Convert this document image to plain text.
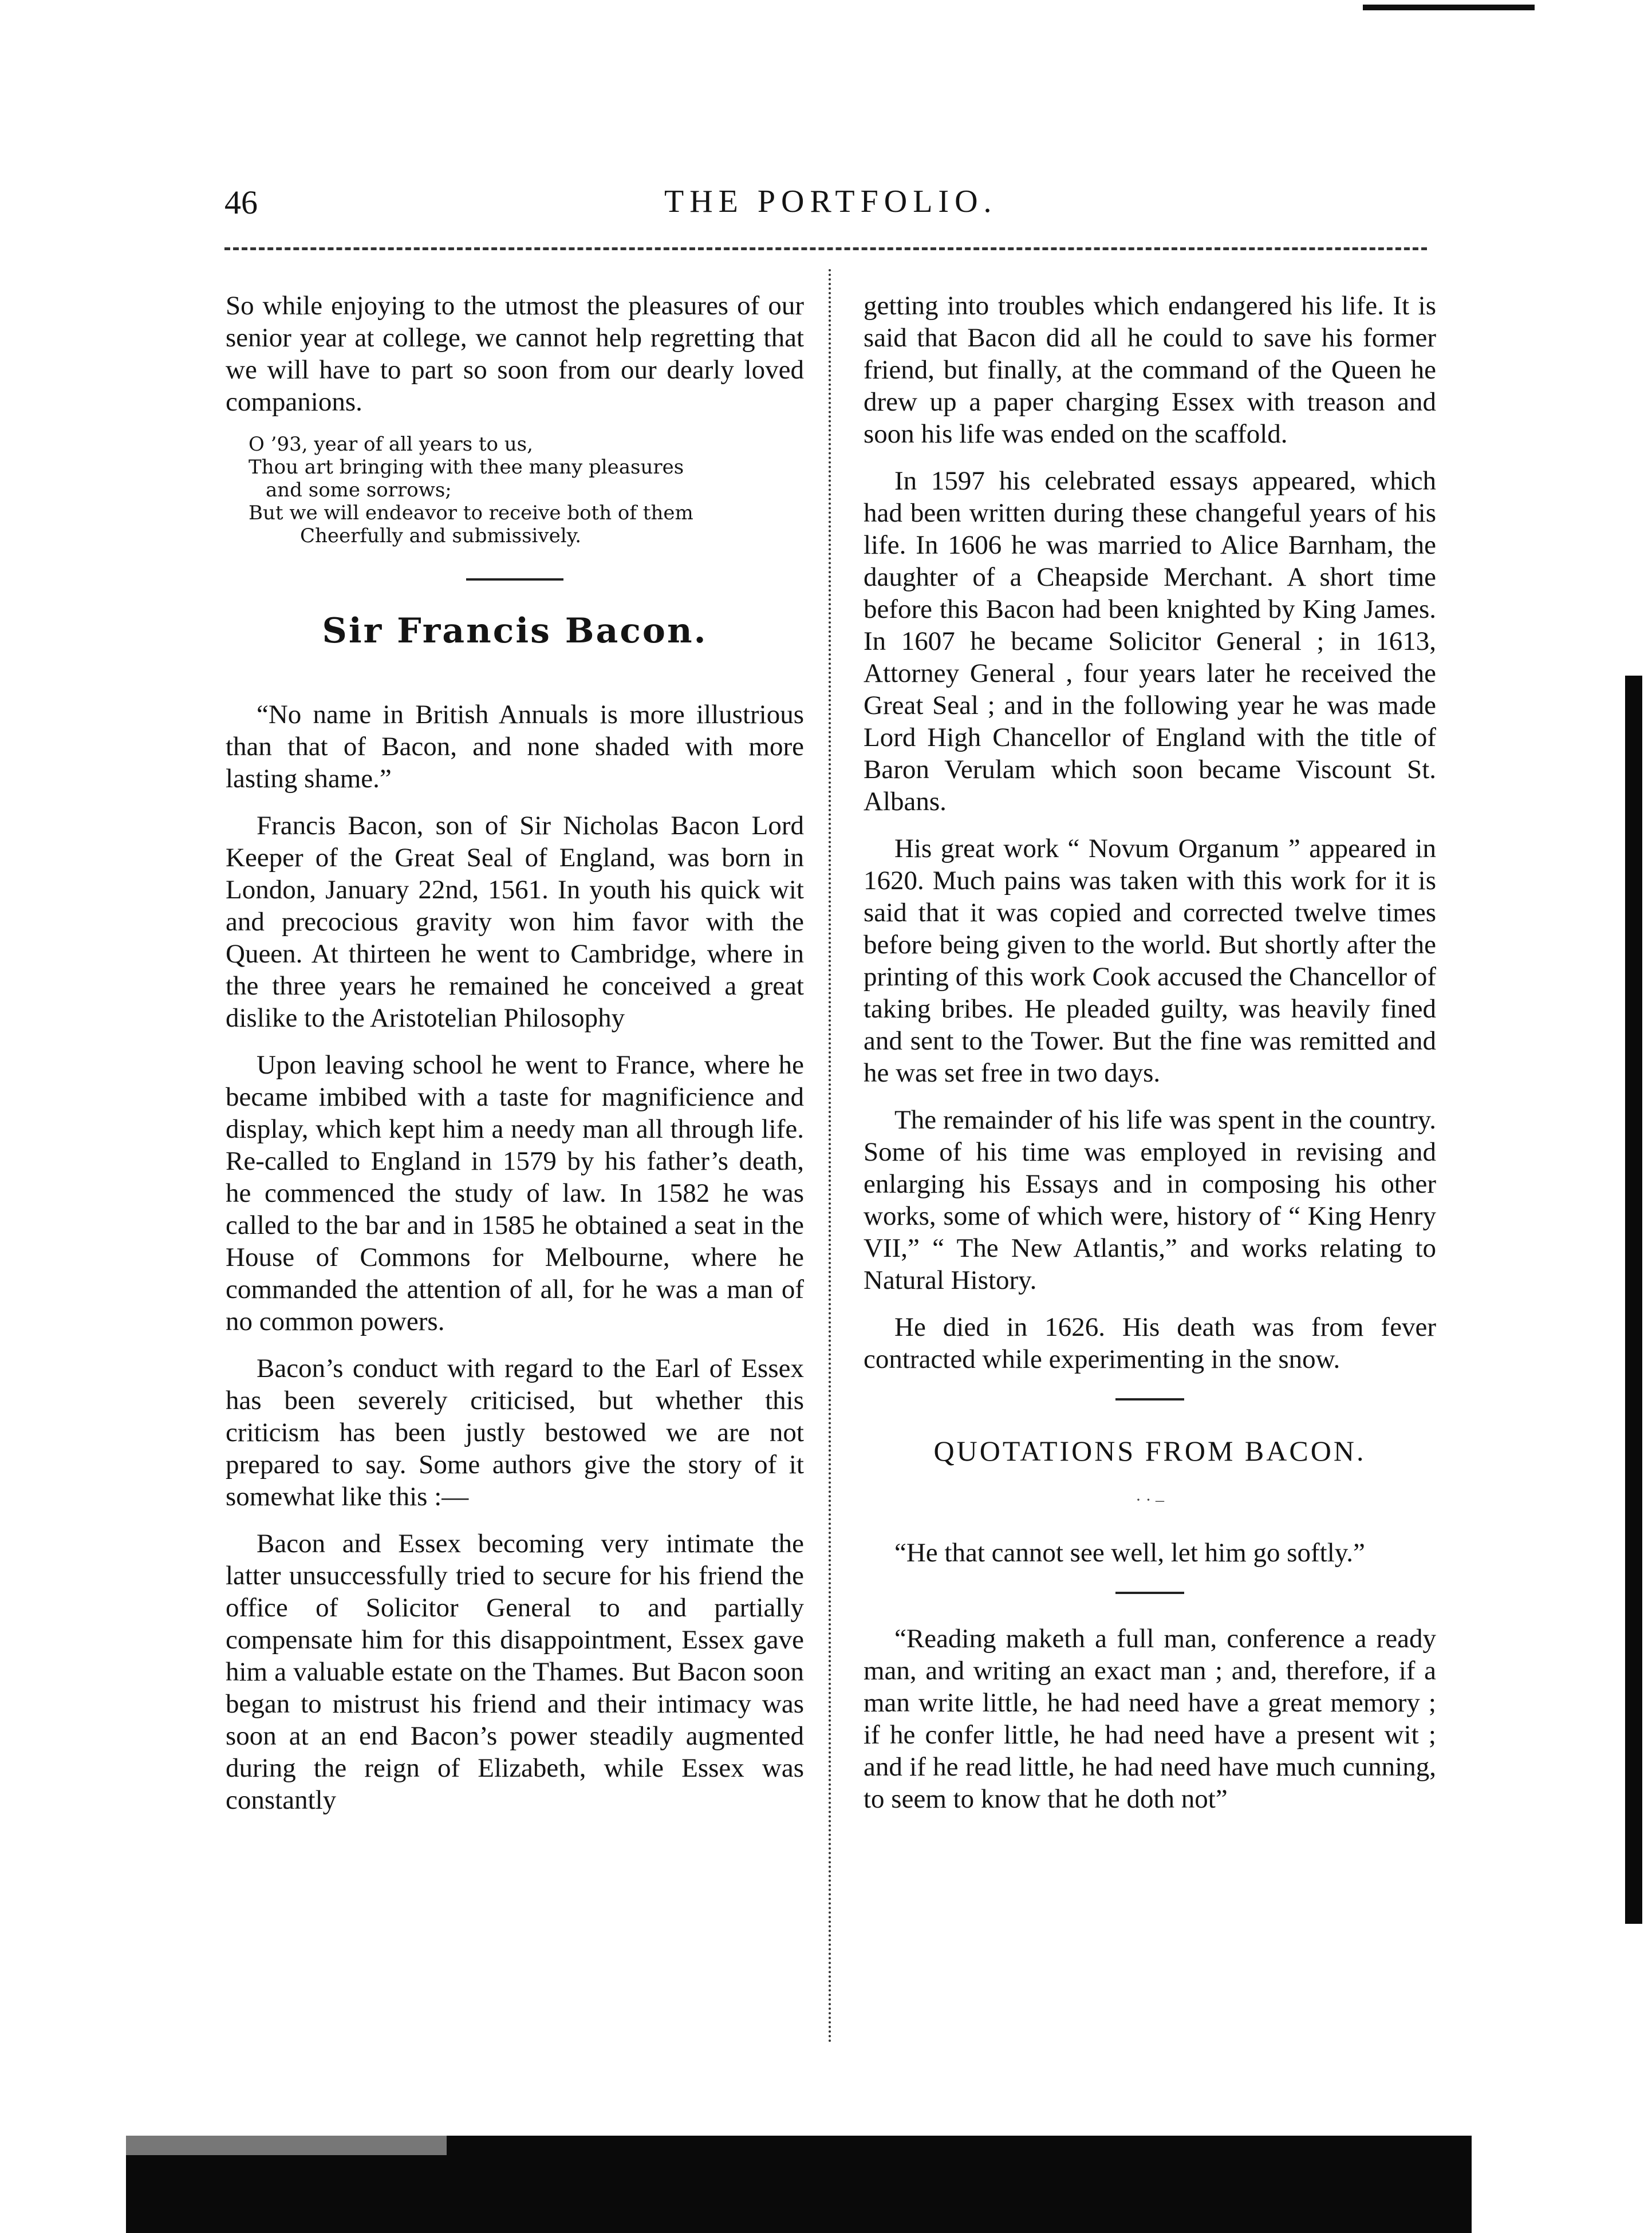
46	THE PORTFOLIO.

So while enjoying to the utmost the pleasures of our senior year at college, we cannot help regretting that we will have to part so soon from our dearly loved companions.

O ’93, year of all years to us,
Thou art bringing with thee many pleasures
and some sorrows;
But we will endeavor to receive both of them
Cheerfully and submissively.
Sir Francis Bacon.

“No name in British Annuals is more illustrious than that of Bacon, and none shaded with more lasting shame.”

Francis Bacon, son of Sir Nicholas Bacon Lord Keeper of the Great Seal of England, was born in London, January 22nd, 1561. In youth his quick wit and precocious gravity won him favor with the Queen. At thirteen he went to Cambridge, where in the three years he remained he conceived a great dislike to the Aristotelian Philosophy

Upon leaving school he went to France, where he became imbibed with a taste for magnificience and display, which kept him a needy man all through life. Re-called to England in 1579 by his father’s death, he commenced the study of law. In 1582 he was called to the bar and in 1585 he obtained a seat in the House of Commons for Melbourne, where he commanded the attention of all, for he was a man of no common powers.

Bacon’s conduct with regard to the Earl of Essex has been severely criticised, but whether this criticism has been justly bestowed we are not prepared to say. Some authors give the story of it somewhat like this :—

Bacon and Essex becoming very intimate the latter unsuccessfully tried to secure for his friend the office of Solicitor General to and partially compensate him for this disappointment, Essex gave him a valuable estate on the Thames. But Bacon soon began to mistrust his friend and their intimacy was soon at an end Bacon’s power steadily augmented during the reign of Elizabeth, while Essex was constantly

getting into troubles which endangered his life. It is said that Bacon did all he could to save his former friend, but finally, at the command of the Queen he drew up a paper charging Essex with treason and soon his life was ended on the scaffold.

In 1597 his celebrated essays appeared, which had been written during these changeful years of his life. In 1606 he was married to Alice Barnham, the daughter of a Cheapside Merchant. A short time before this Bacon had been knighted by King James. In 1607 he became Solicitor General ; in 1613, Attorney General , four years later he received the Great Seal ; and in the following year he was made Lord High Chancellor of England with the title of Baron Verulam which soon became Viscount St. Albans.

His great work “ Novum Organum ” appeared in 1620. Much pains was taken with this work for it is said that it was copied and corrected twelve times before being given to the world. But shortly after the printing of this work Cook accused the Chancellor of taking bribes. He pleaded guilty, was heavily fined and sent to the Tower. But the fine was remitted and he was set free in two days.

The remainder of his life was spent in the country. Some of his time was employed in revising and enlarging his Essays and in composing his other works, some of which were, history of “ King Henry VII,” “ The New Atlantis,” and works relating to Natural History.

He died in 1626. His death was from fever contracted while experimenting in the snow.

QUOTATIONS FROM BACON.
· · –

“He that cannot see well, let him go softly.”

“Reading maketh a full man, conference a ready man, and writing an exact man ; and, therefore, if a man write little, he had need have a great memory ; if he confer little, he had need have a present wit ; and if he read little, he had need have much cunning, to seem to know that he doth not”
